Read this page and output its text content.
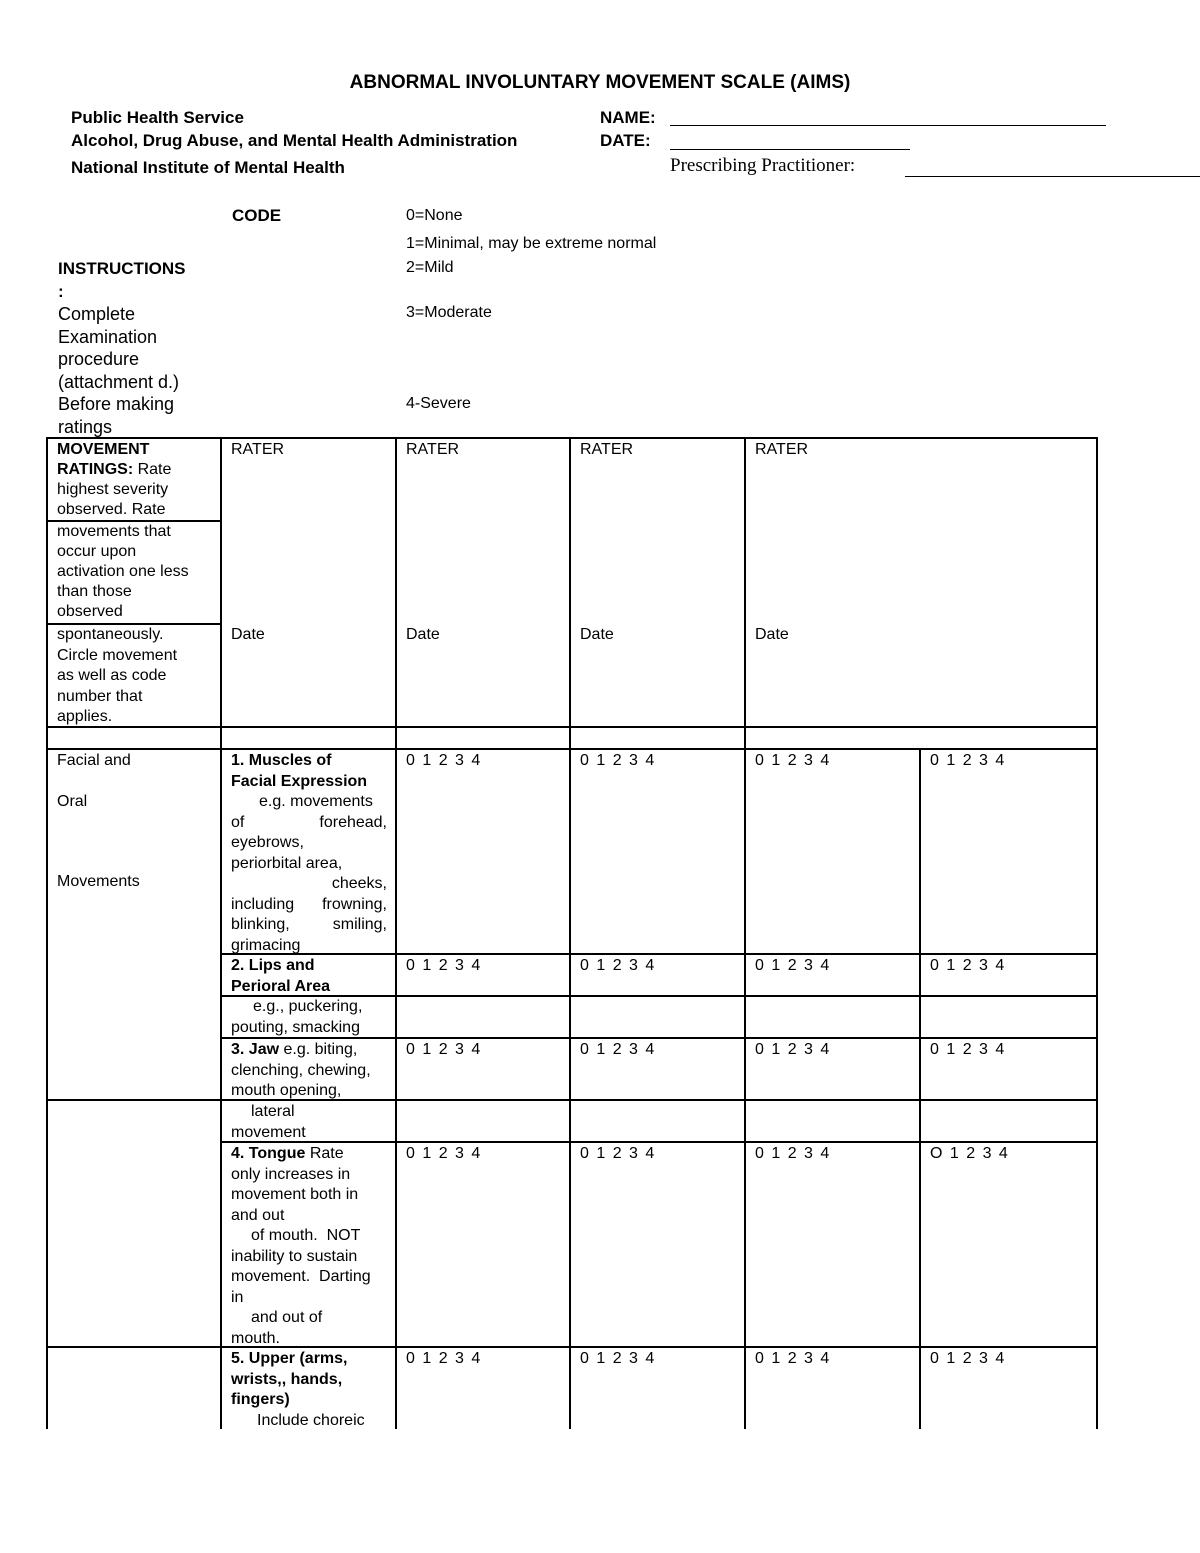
ABNORMAL INVOLUNTARY MOVEMENT SCALE (AIMS)
Public Health Service
Alcohol, Drug Abuse, and Mental Health Administration
National Institute of Mental Health
NAME:
DATE:
Prescribing Practitioner:
CODE	0=None
1=Minimal, may be extreme normal
2=Mild
3=Moderate
4-Severe
INSTRUCTIONS
:
Complete
Examination
procedure
(attachment d.)
Before making
ratings
MOVEMENT
RATINGS: Rate
highest severity
observed. Rate
movements that
occur upon
activation one less
than those
observed
spontaneously.
Circle movement
as well as code
number that
applies.
RATER	RATER	RATER	RATER
Date	Date	Date	Date
Facial and
Oral
Movements
1. Muscles of
Facial Expression
e.g. movements
of	forehead,
eyebrows,
periorbital area,
cheeks,
including frowning,
blinking,	smiling,
grimacing
0 1 2 3 4	0 1 2 3 4	0 1 2 3 4	0 1 2 3 4
2. Lips and
Perioral Area
e.g., puckering,
pouting, smacking
0 1 2 3 4	0 1 2 3 4	0 1 2 3 4	0 1 2 3 4
3. Jaw e.g. biting,
clenching, chewing,
mouth opening,
lateral
movement
0 1 2 3 4	0 1 2 3 4	0 1 2 3 4	0 1 2 3 4
4. Tongue Rate
only increases in
movement both in
and out
of mouth.  NOT
inability to sustain
movement.  Darting
in
and out of
mouth.
0 1 2 3 4	0 1 2 3 4	0 1 2 3 4	O 1 2 3 4
5. Upper (arms,
wrists,, hands,
fingers)
Include choreic
0 1 2 3 4	0 1 2 3 4	0 1 2 3 4	0 1 2 3 4
